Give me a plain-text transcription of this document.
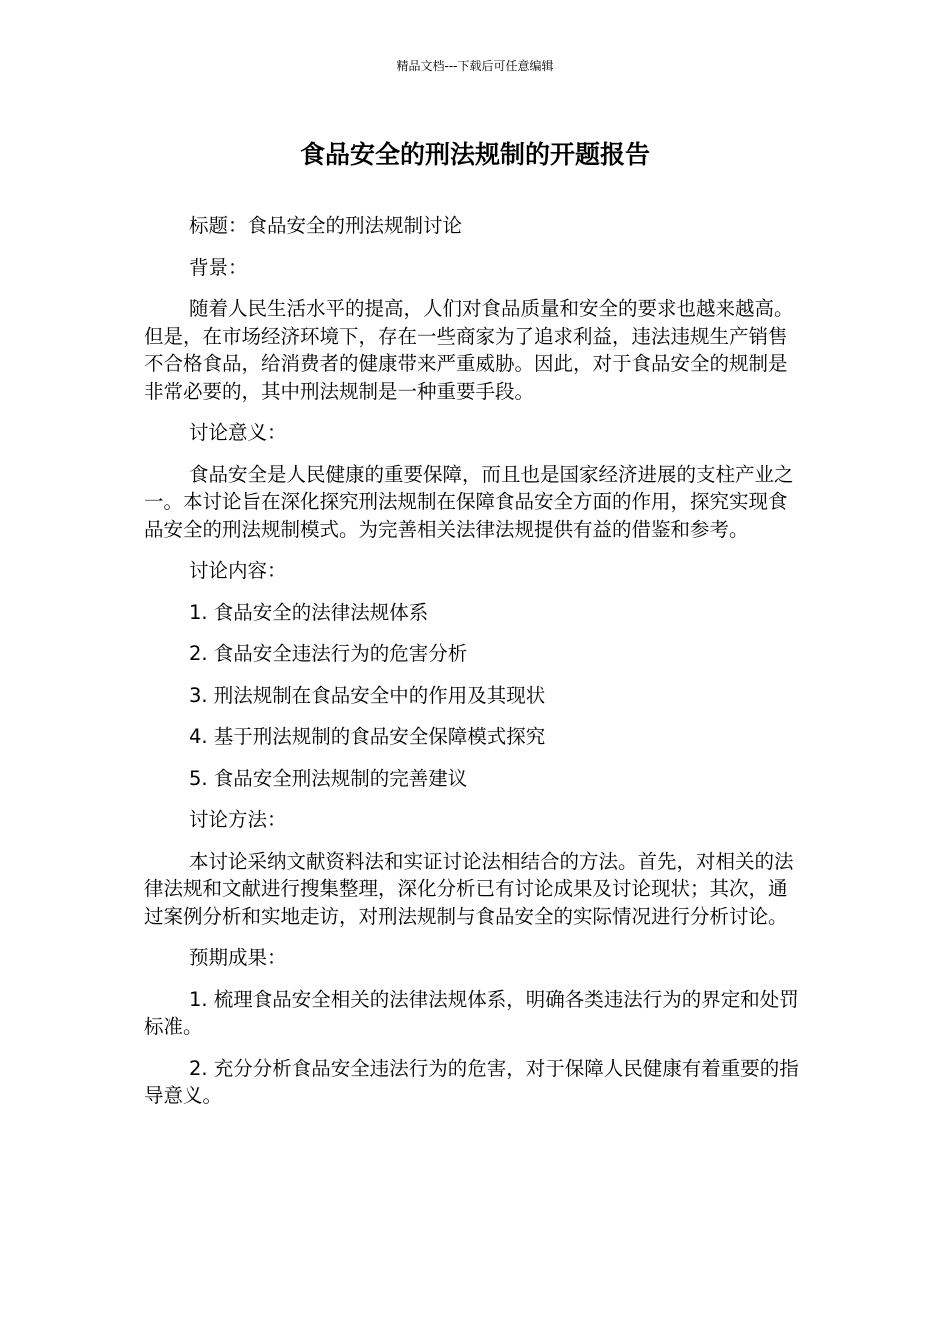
精品文档---下载后可任意编辑
食品安全的刑法规制的开题报告
标题：食品安全的刑法规制讨论
背景：

随着人民生活水平的提高，人们对食品质量和安全的要求也越来越高。但是，在市场经济环境下，存在一些商家为了追求利益，违法违规生产销售不合格食品，给消费者的健康带来严重威胁。因此，对于食品安全的规制是非常必要的，其中刑法规制是一种重要手段。

讨论意义：

食品安全是人民健康的重要保障，而且也是国家经济进展的支柱产业之一。本讨论旨在深化探究刑法规制在保障食品安全方面的作用，探究实现食品安全的刑法规制模式。为完善相关法律法规提供有益的借鉴和参考。

讨论内容：
1. 食品安全的法律法规体系
2. 食品安全违法行为的危害分析
3. 刑法规制在食品安全中的作用及其现状
4. 基于刑法规制的食品安全保障模式探究
5. 食品安全刑法规制的完善建议
讨论方法：

本讨论采纳文献资料法和实证讨论法相结合的方法。首先，对相关的法律法规和文献进行搜集整理，深化分析已有讨论成果及讨论现状；其次，通过案例分析和实地走访，对刑法规制与食品安全的实际情况进行分析讨论。

预期成果：

1. 梳理食品安全相关的法律法规体系，明确各类违法行为的界定和处罚标准。

2. 充分分析食品安全违法行为的危害，对于保障人民健康有着重要的指导意义。
